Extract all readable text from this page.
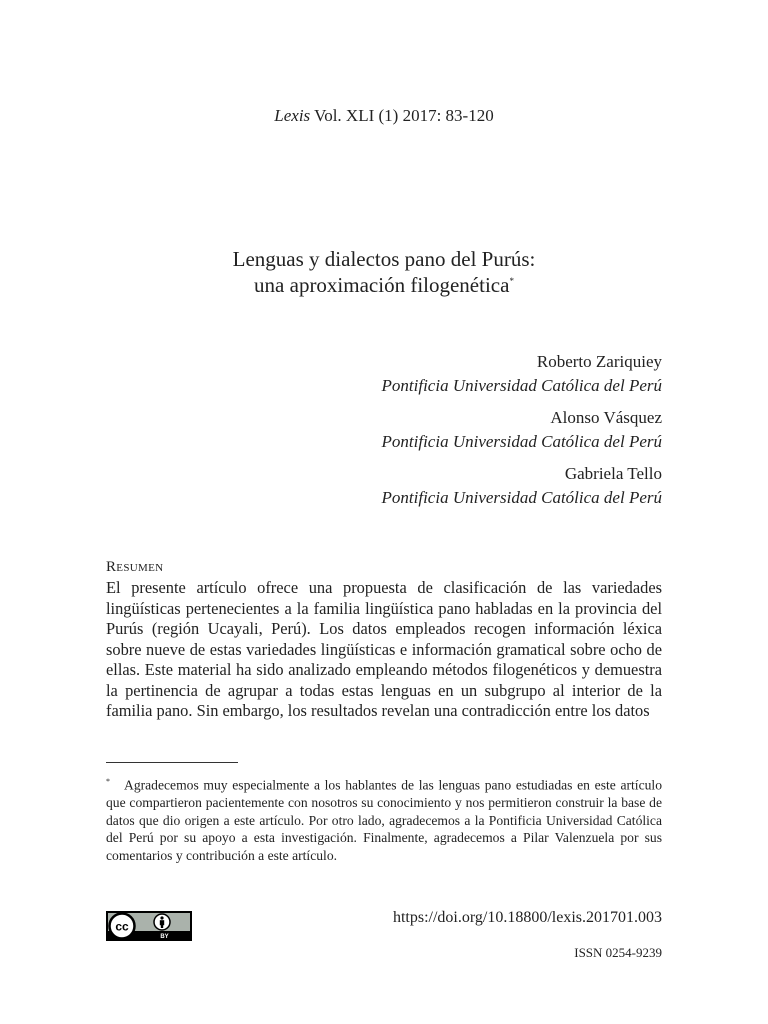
Lexis Vol. XLI (1) 2017: 83-120
Lenguas y dialectos pano del Purús:
una aproximación filogenética*
Roberto Zariquiey
Pontificia Universidad Católica del Perú
Alonso Vásquez
Pontificia Universidad Católica del Perú
Gabriela Tello
Pontificia Universidad Católica del Perú
Resumen

El presente artículo ofrece una propuesta de clasificación de las variedades lingüísticas pertenecientes a la familia lingüística pano habladas en la provincia del Purús (región Ucayali, Perú). Los datos empleados recogen información léxica sobre nueve de estas variedades lingüísticas e información gramatical sobre ocho de ellas. Este material ha sido analizado empleando métodos filogenéticos y demuestra la pertinencia de agrupar a todas estas lenguas en un subgrupo al interior de la familia pano. Sin embargo, los resultados revelan una contradicción entre los datos

* Agradecemos muy especialmente a los hablantes de las lenguas pano estudiadas en este artículo que compartieron pacientemente con nosotros su conocimiento y nos permitieron construir la base de datos que dio origen a este artículo. Por otro lado, agradecemos a la Pontificia Universidad Católica del Perú por su apoyo a esta investigación. Finalmente, agradecemos a Pilar Valenzuela por sus comentarios y contribución a este artículo.
cc
BY
https://doi.org/10.18800/lexis.201701.003
ISSN 0254-9239
